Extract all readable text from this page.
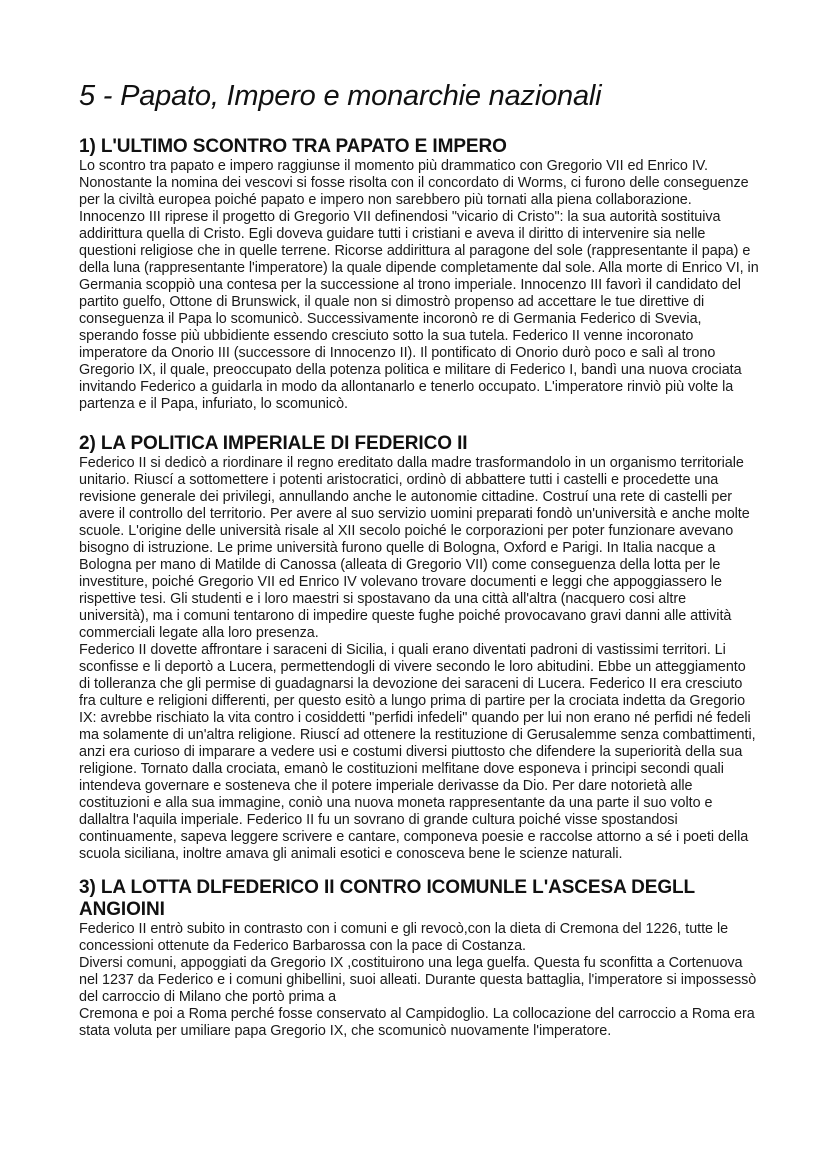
5 - Papato, Impero e monarchie nazionali
1) L'ULTIMO SCONTRO TRA PAPATO E IMPERO

Lo scontro tra papato e impero raggiunse il momento più drammatico con Gregorio VII ed Enrico IV. Nonostante la nomina dei vescovi si fosse risolta con il concordato di Worms, ci furono delle conseguenze per la civiltà europea poiché papato e impero non sarebbero più tornati alla piena collaborazione. Innocenzo III riprese il progetto di Gregorio VII definendosi "vicario di Cristo": la sua autorità sostituiva addirittura quella di Cristo. Egli doveva guidare tutti i cristiani e aveva il diritto di intervenire sia nelle questioni religiose che in quelle terrene. Ricorse addirittura al paragone del sole (rappresentante il papa) e della luna (rappresentante l'imperatore) la quale dipende completamente dal sole. Alla morte di Enrico VI, in Germania scoppiò una contesa per la successione al trono imperiale. Innocenzo III favorì il candidato del partito guelfo, Ottone di Brunswick, il quale non si dimostrò propenso ad accettare le tue direttive di conseguenza il Papa lo scomunicò. Successivamente incoronò re di Germania Federico di Svevia, sperando fosse più ubbidiente essendo cresciuto sotto la sua tutela. Federico II venne incoronato imperatore da Onorio III (successore di Innocenzo II). Il pontificato di Onorio durò poco e salì al trono Gregorio IX, il quale, preoccupato della potenza politica e militare di Federico I, bandì una nuova crociata invitando Federico a guidarla in modo da allontanarlo e tenerlo occupato. L'imperatore rinviò più volte la partenza e il Papa, infuriato, lo scomunicò.

2) LA POLITICA IMPERIALE DI FEDERICO II

Federico II si dedicò a riordinare il regno ereditato dalla madre trasformandolo in un organismo territoriale unitario. Riuscí a sottomettere i potenti aristocratici, ordinò di abbattere tutti i castelli e procedette una revisione generale dei privilegi, annullando anche le autonomie cittadine. Costruí una rete di castelli per avere il controllo del territorio. Per avere al suo servizio uomini preparati fondò un'università e anche molte scuole. L'origine delle università risale al XII secolo poiché le corporazioni per poter funzionare avevano bisogno di istruzione. Le prime università furono quelle di Bologna, Oxford e Parigi. In Italia nacque a Bologna per mano di Matilde di Canossa (alleata di Gregorio VII) come conseguenza della lotta per le investiture, poiché Gregorio VII ed Enrico IV volevano trovare documenti e leggi che appoggiassero le rispettive tesi. Gli studenti e i loro maestri si spostavano da una città all'altra (nacquero cosi altre università), ma i comuni tentarono di impedire queste fughe poiché provocavano gravi danni alle attività commerciali legate alla loro presenza.

Federico II dovette affrontare i saraceni di Sicilia, i quali erano diventati padroni di vastissimi territori. Li sconfisse e li deportò a Lucera, permettendogli di vivere secondo le loro abitudini. Ebbe un atteggiamento di tolleranza che gli permise di guadagnarsi la devozione dei saraceni di Lucera. Federico II era cresciuto fra culture e religioni differenti, per questo esitò a lungo prima di partire per la crociata indetta da Gregorio IX: avrebbe rischiato la vita contro i cosiddetti "perfidi infedeli" quando per lui non erano né perfidi né fedeli ma solamente di un'altra religione. Riuscí ad ottenere la restituzione di Gerusalemme senza combattimenti, anzi era curioso di imparare a vedere usi e costumi diversi piuttosto che difendere la superiorità della sua religione. Tornato dalla crociata, emanò le costituzioni melfitane dove esponeva i principi secondi quali intendeva governare e sosteneva che il potere imperiale derivasse da Dio. Per dare notorietà alle costituzioni e alla sua immagine, coniò una nuova moneta rappresentante da una parte il suo volto e dallaltra l'aquila imperiale. Federico II fu un sovrano di grande cultura poiché visse spostandosi continuamente, sapeva leggere scrivere e cantare, componeva poesie e raccolse attorno a sé i poeti della scuola siciliana, inoltre amava gli animali esotici e conosceva bene le scienze naturali.

3) LA LOTTA DLFEDERICO II CONTRO ICOMUNLE L'ASCESA DEGLL ANGIOINI

Federico II entrò subito in contrasto con i comuni e gli revocò,con la dieta di Cremona del 1226, tutte le concessioni ottenute da Federico Barbarossa con la pace di Costanza.

Diversi comuni, appoggiati da Gregorio IX ,costituirono una lega guelfa. Questa fu sconfitta a Cortenuova nel 1237 da Federico e i comuni ghibellini, suoi alleati. Durante questa battaglia, l'imperatore si impossessò del carroccio di Milano che portò prima a

Cremona e poi a Roma perché fosse conservato al Campidoglio. La collocazione del carroccio a Roma era stata voluta per umiliare papa Gregorio IX, che scomunicò nuovamente l'imperatore.
